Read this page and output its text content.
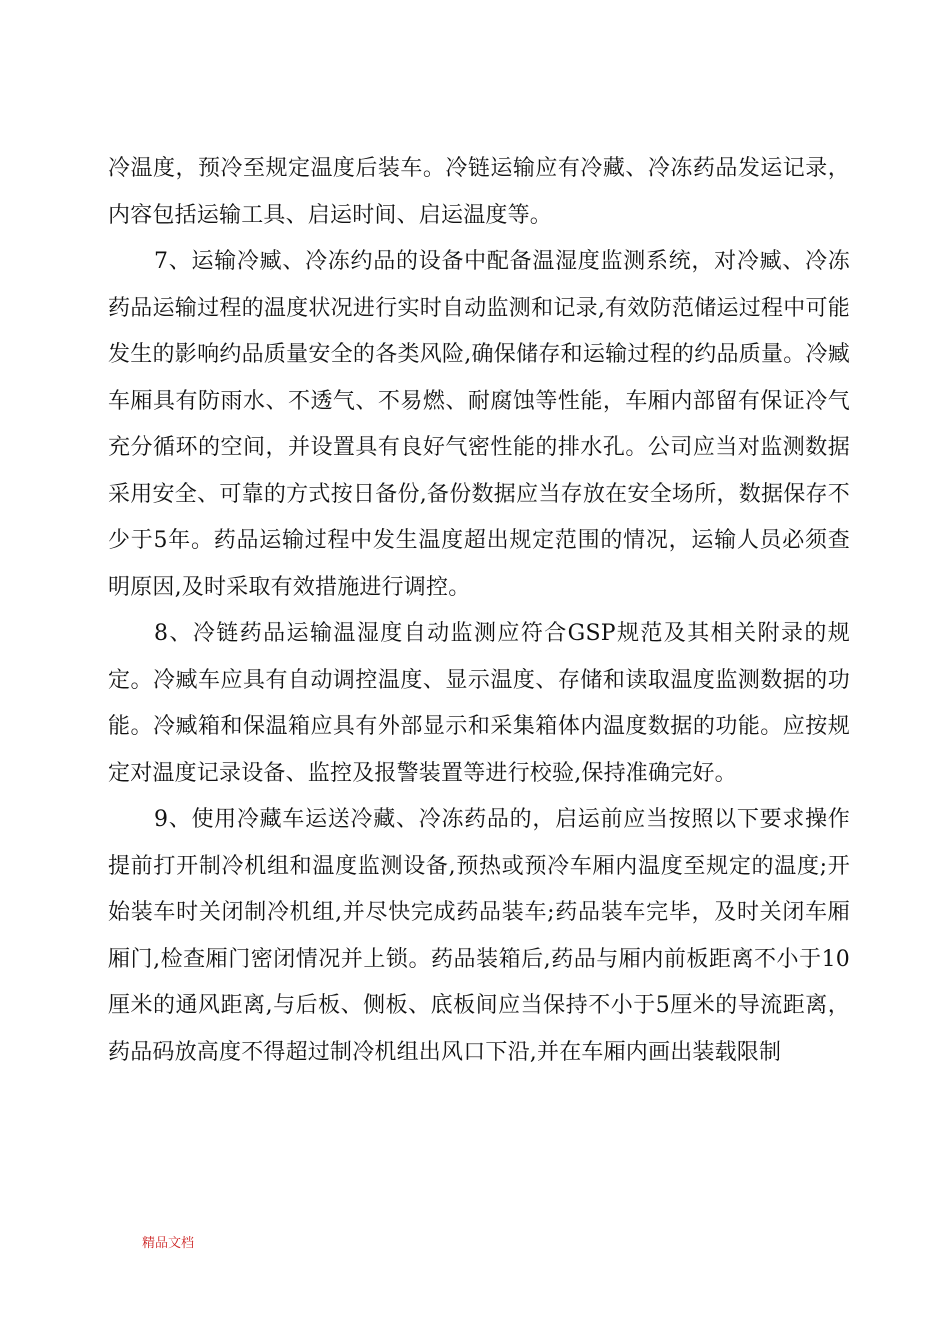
冷温度，预冷至规定温度后装车。冷链运输应有冷藏、冷冻药品发运记录，内容包括运输工具、启运时间、启运温度等。

7、运输冷臧、冷冻约品的设备中配备温湿度监测系统，对冷臧、冷冻药品运输过程的温度状况进行实时自动监测和记录,有效防范储运过程中可能发生的影响约品质量安全的各类风险,确保储存和运输过程的约品质量。冷臧车厢具有防雨水、不透气、不易燃、耐腐蚀等性能，车厢内部留有保证冷气充分循环的空间，并设置具有良好气密性能的排水孔。公司应当对监测数据采用安全、可靠的方式按日备份,备份数据应当存放在安全场所，数据保存不少于5年。药品运输过程中发生温度超出规定范围的情况，运输人员必须查明原因,及时采取有效措施进行调控。

8、冷链药品运输温湿度自动监测应符合GSP规范及其相关附录的规定。冷臧车应具有自动调控温度、显示温度、存储和读取温度监测数据的功能。冷臧箱和保温箱应具有外部显示和采集箱体内温度数据的功能。应按规定对温度记录设备、监控及报警装置等进行校验,保持准确完好。

9、使用冷藏车运送冷藏、冷冻药品的，启运前应当按照以下要求操作提前打开制冷机组和温度监测设备,预热或预冷车厢内温度至规定的温度;开始装车时关闭制冷机组,并尽快完成药品装车;药品装车完毕，及时关闭车厢厢门,检查厢门密闭情况并上锁。药品装箱后,药品与厢内前板距离不小于10厘米的通风距离,与后板、侧板、底板间应当保持不小于5厘米的导流距离，药品码放高度不得超过制冷机组出风口下沿,并在车厢内画出装载限制

精品文档
